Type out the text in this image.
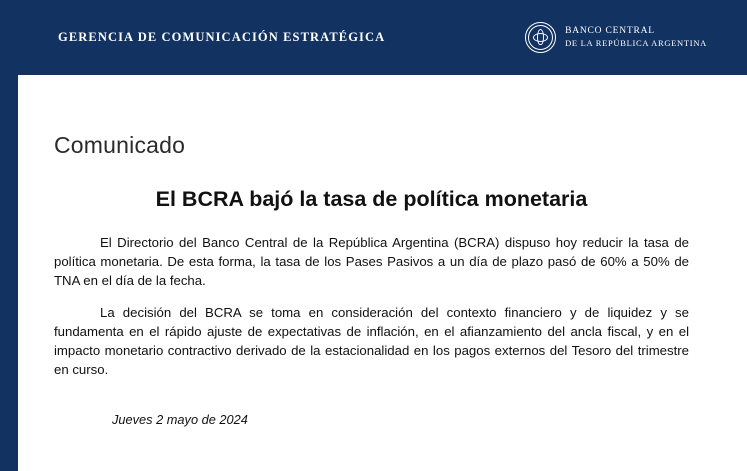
GERENCIA DE COMUNICACIÓN ESTRATÉGICA	BANCO CENTRAL
DE LA REPÚBLICA ARGENTINA
Comunicado
El BCRA bajó la tasa de política monetaria

El Directorio del Banco Central de la República Argentina (BCRA) dispuso hoy reducir la tasa de política monetaria. De esta forma, la tasa de los Pases Pasivos a un día de plazo pasó de 60% a 50% de TNA en el día de la fecha.

La decisión del BCRA se toma en consideración del contexto financiero y de liquidez y se fundamenta en el rápido ajuste de expectativas de inflación, en el afianzamiento del ancla fiscal, y en el impacto monetario contractivo derivado de la estacionalidad en los pagos externos del Tesoro del trimestre en curso.

Jueves 2 mayo de 2024
